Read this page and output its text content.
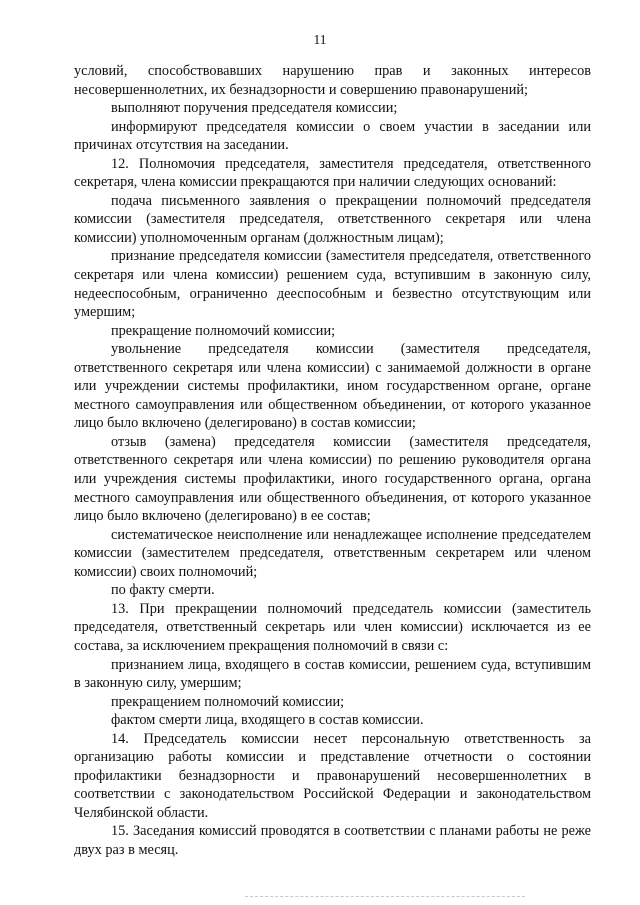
11

условий, способствовавших нарушению прав и законных интересов несовершеннолетних, их безнадзорности и совершению правонарушений;

выполняют поручения председателя комиссии;

информируют председателя комиссии о своем участии в заседании или причинах отсутствия на заседании.

12. Полномочия председателя, заместителя председателя, ответственного секретаря, члена комиссии прекращаются при наличии следующих оснований:

подача письменного заявления о прекращении полномочий председателя комиссии (заместителя председателя, ответственного секретаря или члена комиссии) уполномоченным органам (должностным лицам);

признание председателя комиссии (заместителя председателя, ответственного секретаря или члена комиссии) решением суда, вступившим в законную силу, недееспособным, ограниченно дееспособным и безвестно отсутствующим или умершим;

прекращение полномочий комиссии;

увольнение председателя комиссии (заместителя председателя, ответственного секретаря или члена комиссии) с занимаемой должности в органе или учреждении системы профилактики, ином государственном органе, органе местного самоуправления или общественном объединении, от которого указанное лицо было включено (делегировано) в состав комиссии;

отзыв (замена) председателя комиссии (заместителя председателя, ответственного секретаря или члена комиссии) по решению руководителя органа или учреждения системы профилактики, иного государственного органа, органа местного самоуправления или общественного объединения, от которого указанное лицо было включено (делегировано) в ее состав;

систематическое неисполнение или ненадлежащее исполнение председателем комиссии (заместителем председателя, ответственным секретарем или членом комиссии) своих полномочий;

по факту смерти.

13. При прекращении полномочий председатель комиссии (заместитель председателя, ответственный секретарь или член комиссии) исключается из ее состава, за исключением прекращения полномочий в связи с:

признанием лица, входящего в состав комиссии, решением суда, вступившим в законную силу, умершим;

прекращением полномочий комиссии;

фактом смерти лица, входящего в состав комиссии.

14. Председатель комиссии несет персональную ответственность за организацию работы комиссии и представление отчетности о состоянии профилактики безнадзорности и правонарушений несовершеннолетних в соответствии с законодательством Российской Федерации и законодательством Челябинской области.

15. Заседания комиссий проводятся в соответствии с планами работы не реже двух раз в месяц.
